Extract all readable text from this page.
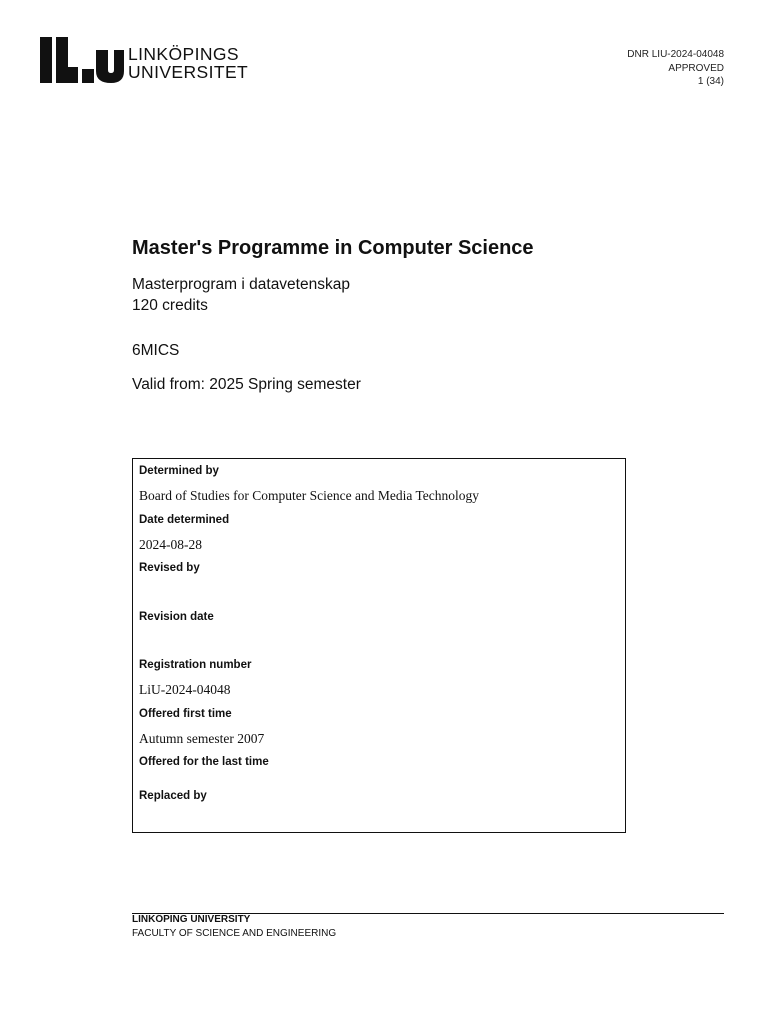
LINKÖPINGS
UNIVERSITET
DNR LIU-2024-04048
APPROVED
1 (34)
Master's Programme in Computer Science
Masterprogram i datavetenskap
120 credits
6MICS
Valid from: 2025 Spring semester
Determined by
Board of Studies for Computer Science and Media Technology
Date determined
2024-08-28
Revised by
Revision date
Registration number
LiU-2024-04048
Offered first time
Autumn semester 2007
Offered for the last time
Replaced by
LINKÖPING UNIVERSITY
FACULTY OF SCIENCE AND ENGINEERING
